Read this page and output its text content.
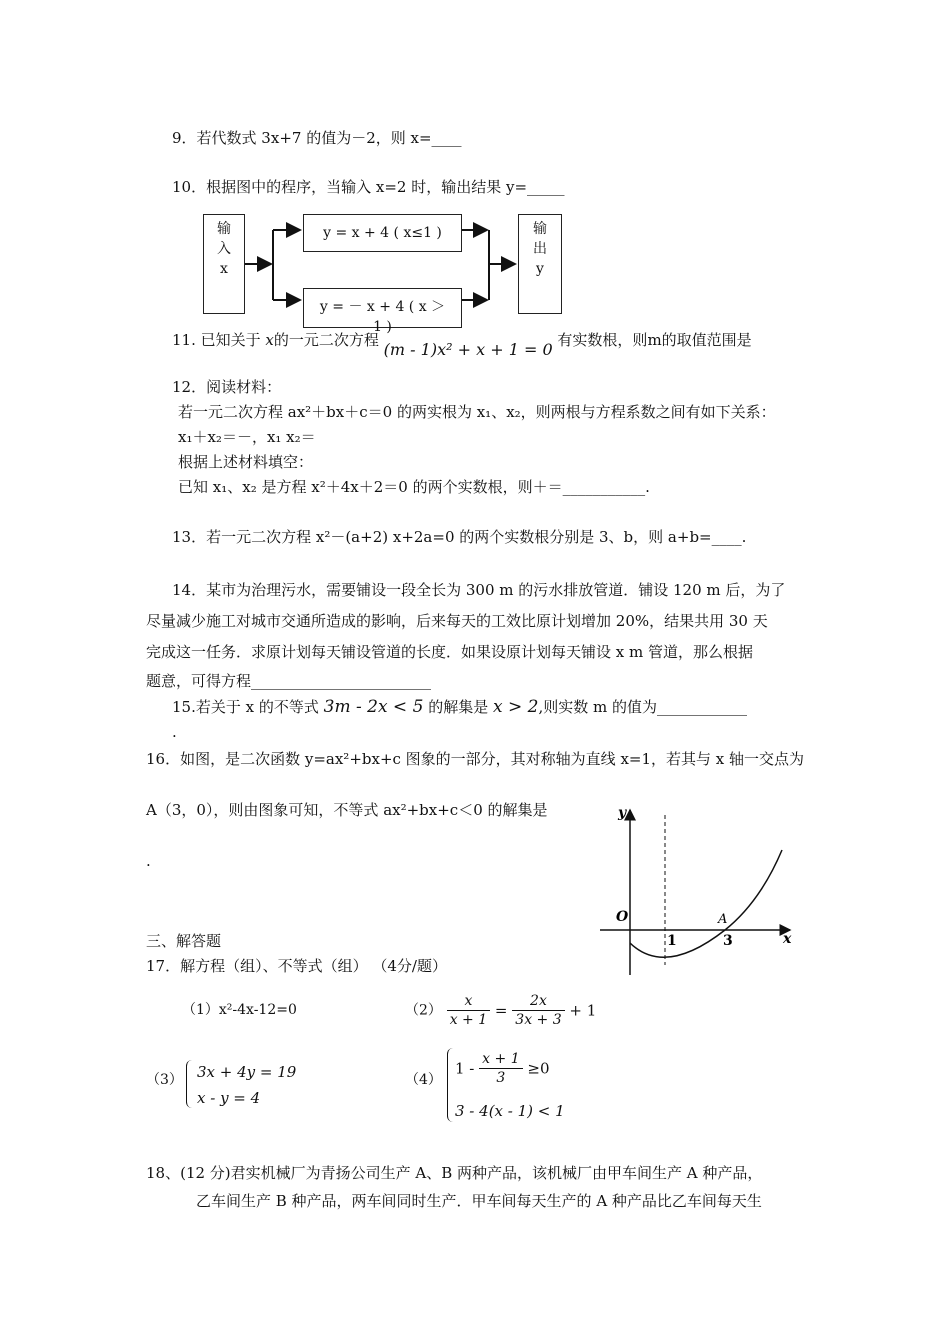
9．若代数式 3x+7 的值为－2，则 x=____
10．根据图中的程序，当输入 x=2 时，输出结果 y=_____
输
入
x
y = x + 4 ( x≤1 )
y = － x + 4 ( x ＞
1 )
输
出
y
11. 已知关于 x的一元二次方程 (m - 1)x² + x + 1 = 0 有实数根，则m的取值范围是
12．阅读材料：
若一元二次方程 ax²＋bx＋c＝0 的两实根为 x₁、x₂，则两根与方程系数之间有如下关系：
x₁＋x₂＝－，x₁ x₂＝
根据上述材料填空：
已知 x₁、x₂ 是方程 x²＋4x＋2＝0 的两个实数根，则＋＝___________.
13．若一元二次方程 x²－(a+2) x+2a=0 的两个实数根分别是 3、b，则 a+b=____.
14．某市为治理污水，需要铺设一段全长为 300 m 的污水排放管道．铺设 120 m 后，为了
尽量减少施工对城市交通所造成的影响，后来每天的工效比原计划增加 20%，结果共用 30 天
完成这一任务．求原计划每天铺设管道的长度．如果设原计划每天铺设 x m 管道，那么根据
题意，可得方程________________________
15.若关于 x 的不等式 3m - 2x < 5 的解集是 x > 2,则实数 m 的值为____________
.
16．如图，是二次函数 y=ax²+bx+c 图象的一部分，其对称轴为直线 x=1，若其与 x 轴一交点为
A（3，0），则由图象可知，不等式 ax²+bx+c＜0 的解集是
.
y
x
O
1	3
A
三、解答题
17．解方程（组）、不等式（组） （4分/题）
（1）x²-4x-12=0	$(2) \frac{x}{x + 1} = \frac{2x}{3x + 3} + 1$
（3） 3x + 4y = 19
x - y = 4
（4）
$1 - \frac{x + 1}{3} \ge 0$
3 - 4(x - 1) < 1
18、(12 分)君实机械厂为青扬公司生产 A、B 两种产品，该机械厂由甲车间生产 A 种产品，
乙车间生产 B 种产品，两车间同时生产．甲车间每天生产的 A 种产品比乙车间每天生
